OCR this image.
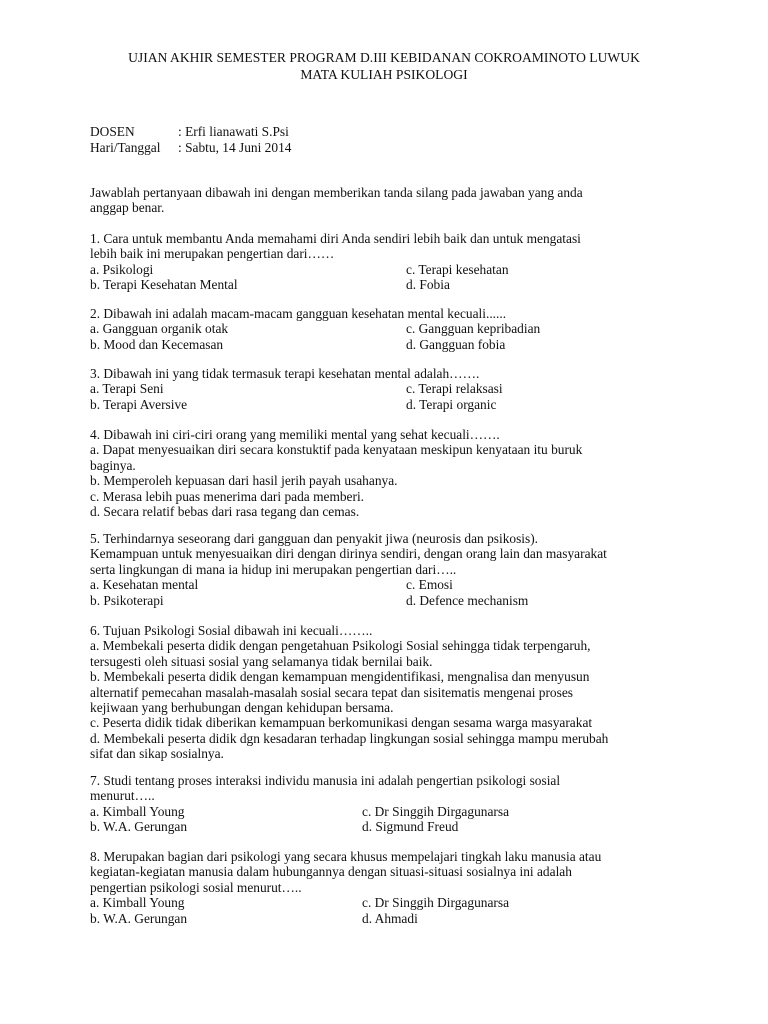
UJIAN AKHIR SEMESTER PROGRAM D.III KEBIDANAN COKROAMINOTO LUWUK
MATA KULIAH PSIKOLOGI
DOSEN	: Erfi lianawati S.Psi
Hari/Tanggal	: Sabtu, 14 Juni 2014
Jawablah pertanyaan dibawah ini dengan memberikan tanda silang pada jawaban yang anda
anggap benar.
1. Cara untuk membantu Anda memahami diri Anda sendiri lebih baik dan untuk mengatasi
lebih baik ini merupakan pengertian dari……
a. Psikologi	c. Terapi kesehatan
b. Terapi Kesehatan Mental	d. Fobia
2. Dibawah ini adalah macam-macam gangguan kesehatan mental kecuali......
a. Gangguan organik otak	c. Gangguan kepribadian
b. Mood dan Kecemasan	d. Gangguan fobia
3. Dibawah ini yang tidak termasuk terapi kesehatan mental adalah…….
a. Terapi Seni	c. Terapi relaksasi
b. Terapi Aversive	d. Terapi organic
4. Dibawah ini ciri-ciri orang yang memiliki mental yang sehat kecuali…….
a. Dapat menyesuaikan diri secara konstuktif pada kenyataan meskipun kenyataan itu buruk
baginya.
b. Memperoleh kepuasan dari hasil jerih payah usahanya.
c. Merasa lebih puas menerima dari pada memberi.
d. Secara relatif bebas dari rasa tegang dan cemas.
5. Terhindarnya seseorang dari gangguan dan penyakit jiwa (neurosis dan psikosis).
Kemampuan untuk menyesuaikan diri dengan dirinya sendiri, dengan orang lain dan masyarakat
serta lingkungan di mana ia hidup ini merupakan pengertian dari…..
a. Kesehatan mental	c. Emosi
b. Psikoterapi	d. Defence mechanism
6. Tujuan Psikologi Sosial dibawah ini kecuali……..
a. Membekali peserta didik dengan pengetahuan Psikologi Sosial sehingga tidak terpengaruh,
tersugesti oleh situasi sosial yang selamanya tidak bernilai baik.
b. Membekali peserta didik dengan kemampuan mengidentifikasi, mengnalisa dan menyusun
alternatif pemecahan masalah-masalah sosial secara tepat dan sisitematis mengenai proses
kejiwaan yang berhubungan dengan kehidupan bersama.
c. Peserta didik tidak diberikan kemampuan berkomunikasi dengan sesama warga masyarakat
d. Membekali peserta didik dgn kesadaran terhadap lingkungan sosial sehingga mampu merubah
sifat dan sikap sosialnya.
7. Studi tentang proses interaksi individu manusia ini adalah pengertian psikologi sosial
menurut…..
a. Kimball Young	c. Dr Singgih Dirgagunarsa
b. W.A. Gerungan	d. Sigmund Freud
8. Merupakan bagian dari psikologi yang secara khusus mempelajari tingkah laku manusia atau
kegiatan-kegiatan manusia dalam hubungannya dengan situasi-situasi sosialnya ini adalah
pengertian psikologi sosial menurut…..
a. Kimball Young	c. Dr Singgih Dirgagunarsa
b. W.A. Gerungan	d. Ahmadi
